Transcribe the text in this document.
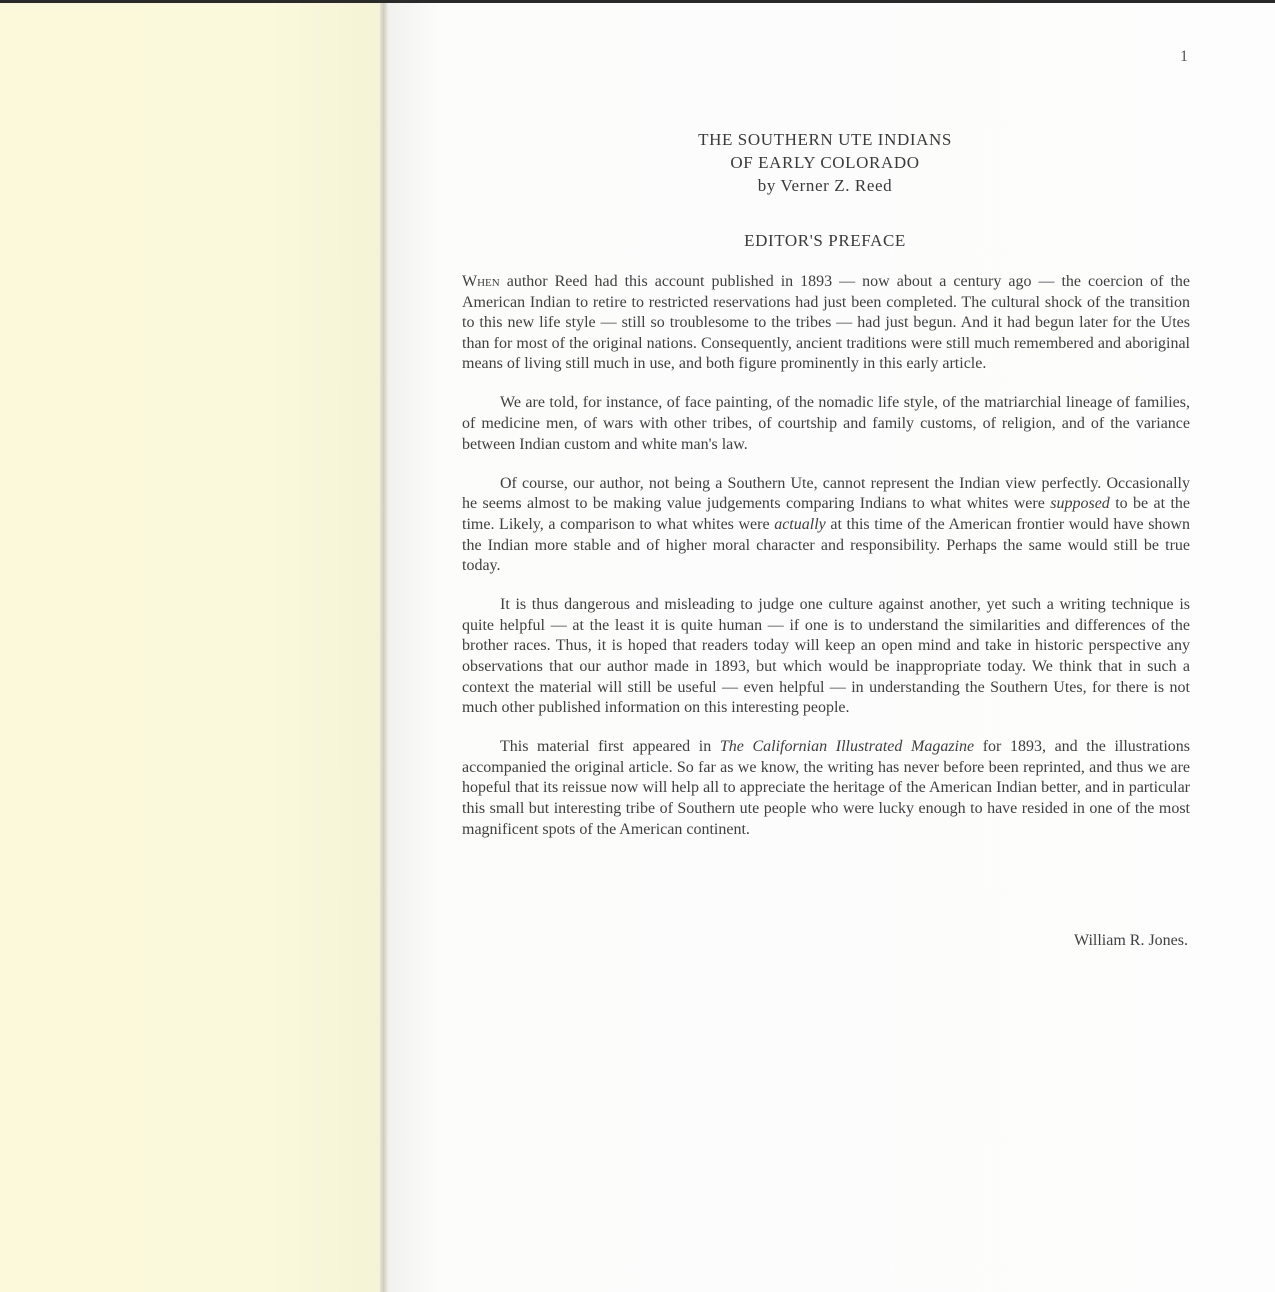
1
THE SOUTHERN UTE INDIANS
OF EARLY COLORADO
by Verner Z. Reed
EDITOR'S PREFACE

When author Reed had this account published in 1893 — now about a century ago — the coercion of the American Indian to retire to restricted reservations had just been completed. The cultural shock of the transition to this new life style — still so troublesome to the tribes — had just begun. And it had begun later for the Utes than for most of the original nations. Consequently, ancient traditions were still much remembered and aboriginal means of living still much in use, and both figure prominently in this early article.

We are told, for instance, of face painting, of the nomadic life style, of the matriarchial lineage of families, of medicine men, of wars with other tribes, of courtship and family customs, of religion, and of the variance between Indian custom and white man's law.

Of course, our author, not being a Southern Ute, cannot represent the Indian view perfectly. Occasionally he seems almost to be making value judgements comparing Indians to what whites were supposed to be at the time. Likely, a comparison to what whites were actually at this time of the American frontier would have shown the Indian more stable and of higher moral character and responsibility. Perhaps the same would still be true today.

It is thus dangerous and misleading to judge one culture against another, yet such a writing technique is quite helpful — at the least it is quite human — if one is to understand the similarities and differences of the brother races. Thus, it is hoped that readers today will keep an open mind and take in historic perspective any observations that our author made in 1893, but which would be inappropriate today. We think that in such a context the material will still be useful — even helpful — in understanding the Southern Utes, for there is not much other published information on this interesting people.

This material first appeared in The Californian Illustrated Magazine for 1893, and the illustrations accompanied the original article. So far as we know, the writing has never before been reprinted, and thus we are hopeful that its reissue now will help all to appreciate the heritage of the American Indian better, and in particular this small but interesting tribe of Southern ute people who were lucky enough to have resided in one of the most magnificent spots of the American continent.

William R. Jones.
